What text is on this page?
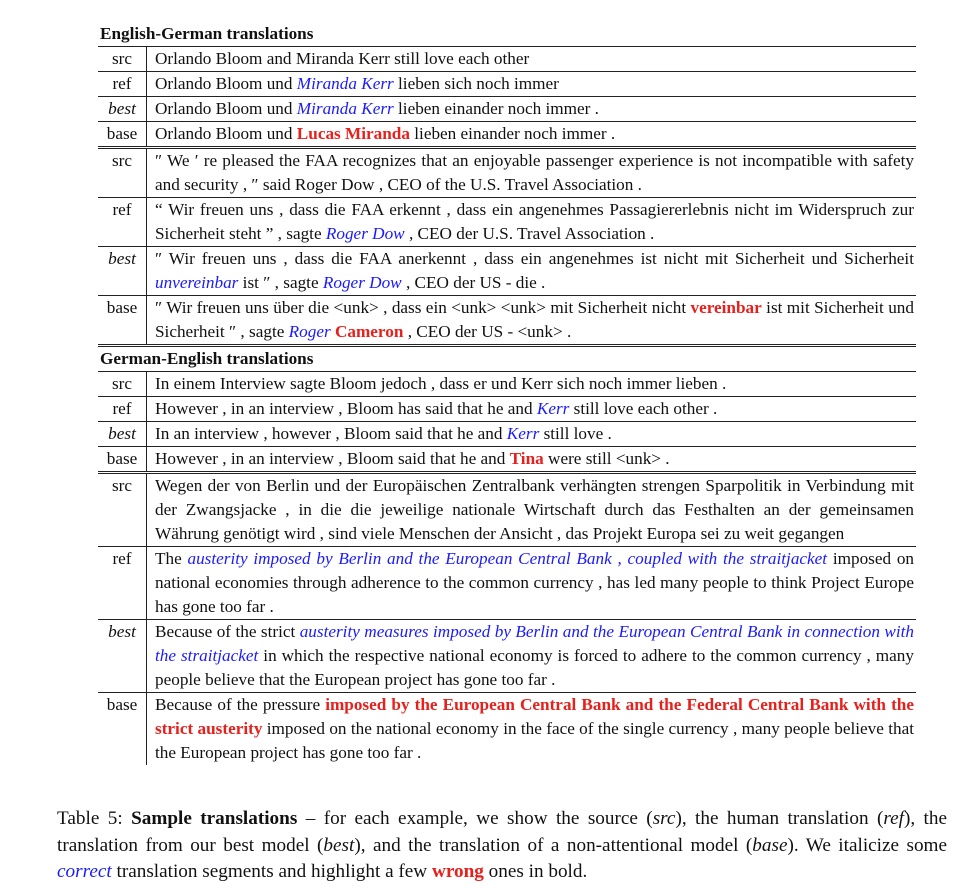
English-German translations	
src	Orlando Bloom and Miranda Kerr still love each other
ref	Orlando Bloom und Miranda Kerr lieben sich noch immer
best	Orlando Bloom und Miranda Kerr lieben einander noch immer .
base	Orlando Bloom und Lucas Miranda lieben einander noch immer .
src	″ We ′ re pleased the FAA recognizes that an enjoyable passenger experience is not incompatible with safety and security , ″ said Roger Dow , CEO of the U.S. Travel Association .
ref	“ Wir freuen uns , dass die FAA erkennt , dass ein angenehmes Passagiererlebnis nicht im Widerspruch zur Sicherheit steht ” , sagte Roger Dow , CEO der U.S. Travel Association .
best	″ Wir freuen uns , dass die FAA anerkennt , dass ein angenehmes ist nicht mit Sicherheit und Sicherheit unvereinbar ist ″ , sagte Roger Dow , CEO der US - die .
base	″ Wir freuen uns über die <unk> , dass ein <unk> <unk> mit Sicherheit nicht vereinbar ist mit Sicherheit und Sicherheit ″ , sagte Roger Cameron , CEO der US - <unk> .
German-English translations	
src	In einem Interview sagte Bloom jedoch , dass er und Kerr sich noch immer lieben .
ref	However , in an interview , Bloom has said that he and Kerr still love each other .
best	In an interview , however , Bloom said that he and Kerr still love .
base	However , in an interview , Bloom said that he and Tina were still <unk> .
src	Wegen der von Berlin und der Europäischen Zentralbank verhängten strengen Sparpolitik in Verbindung mit der Zwangsjacke , in die die jeweilige nationale Wirtschaft durch das Festhalten an der gemeinsamen Währung genötigt wird , sind viele Menschen der Ansicht , das Projekt Europa sei zu weit gegangen
ref	The austerity imposed by Berlin and the European Central Bank , coupled with the straitjacket imposed on national economies through adherence to the common currency , has led many people to think Project Europe has gone too far .
best	Because of the strict austerity measures imposed by Berlin and the European Central Bank in connection with the straitjacket in which the respective national economy is forced to adhere to the common currency , many people believe that the European project has gone too far .
base	Because of the pressure imposed by the European Central Bank and the Federal Central Bank with the strict austerity imposed on the national economy in the face of the single currency , many people believe that the European project has gone too far .
Table 5: Sample translations – for each example, we show the source (src), the human translation (ref), the translation from our best model (best), and the translation of a non-attentional model (base). We italicize some correct translation segments and highlight a few wrong ones in bold.
